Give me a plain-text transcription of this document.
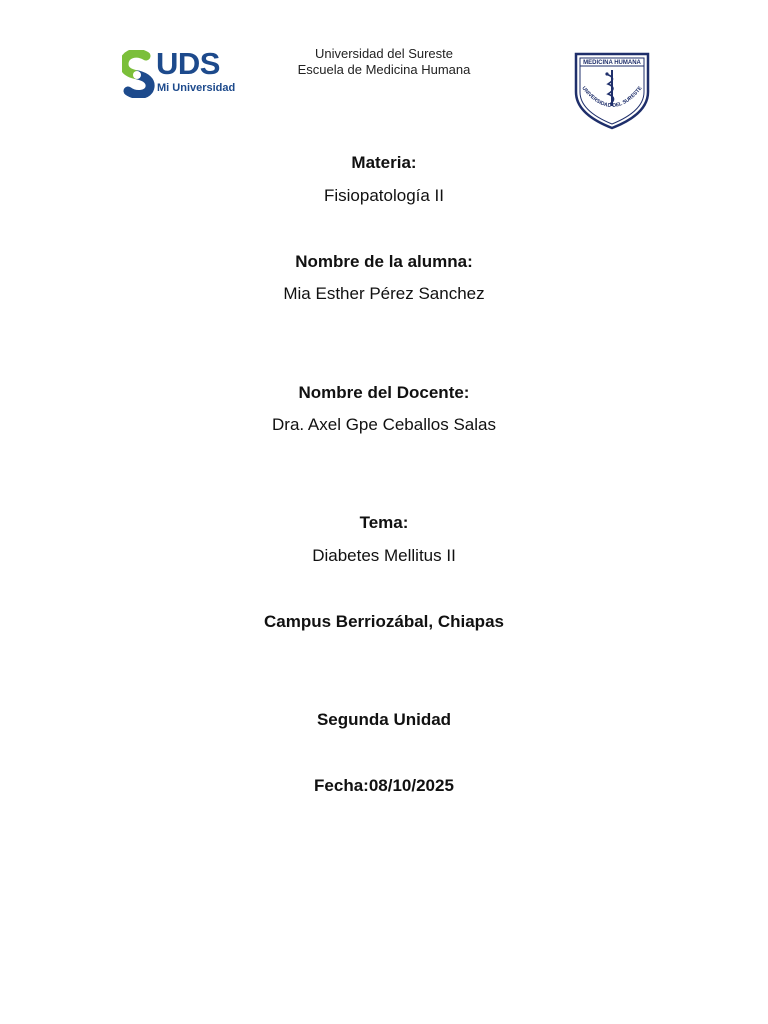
UDS
Mi Universidad
Universidad del Sureste
Escuela de Medicina Humana	MEDICINA HUMANA
UNIVERSIDAD DEL SURESTE
Materia:
Fisiopatología II
Nombre de la alumna:
Mia Esther Pérez Sanchez
Nombre del Docente:
Dra. Axel Gpe Ceballos Salas
Tema:
Diabetes Mellitus II
Campus Berriozábal, Chiapas
Segunda Unidad
Fecha:08/10/2025
